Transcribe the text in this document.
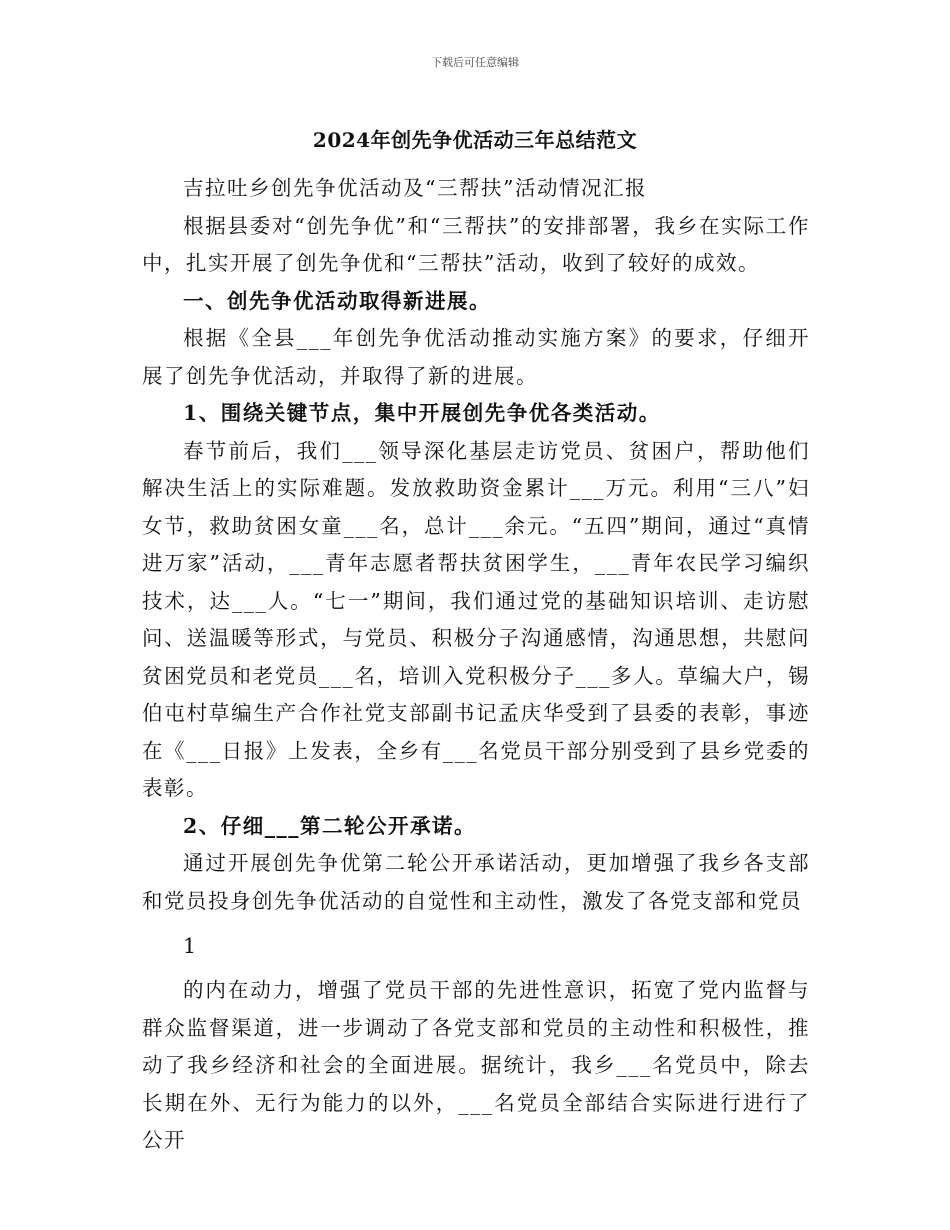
下载后可任意编辑
2024年创先争优活动三年总结范文

吉拉吐乡创先争优活动及“三帮扶”活动情况汇报

根据县委对“创先争优”和“三帮扶”的安排部署，我乡在实际工作中，扎实开展了创先争优和“三帮扶”活动，收到了较好的成效。

一、创先争优活动取得新进展。

根据《全县___年创先争优活动推动实施方案》的要求，仔细开展了创先争优活动，并取得了新的进展。

1、围绕关键节点，集中开展创先争优各类活动。

春节前后，我们___领导深化基层走访党员、贫困户，帮助他们解决生活上的实际难题。发放救助资金累计___万元。利用“三八”妇女节，救助贫困女童___名，总计___余元。“五四”期间，通过“真情进万家”活动，___青年志愿者帮扶贫困学生，___青年农民学习编织技术，达___人。“七一”期间，我们通过党的基础知识培训、走访慰问、送温暖等形式，与党员、积极分子沟通感情，沟通思想，共慰问贫困党员和老党员___名，培训入党积极分子___多人。草编大户，锡伯屯村草编生产合作社党支部副书记孟庆华受到了县委的表彰，事迹在《___日报》上发表，全乡有___名党员干部分别受到了县乡党委的表彰。

2、仔细___第二轮公开承诺。

通过开展创先争优第二轮公开承诺活动，更加增强了我乡各支部和党员投身创先争优活动的自觉性和主动性，激发了各党支部和党员

1

的内在动力，增强了党员干部的先进性意识，拓宽了党内监督与群众监督渠道，进一步调动了各党支部和党员的主动性和积极性，推动了我乡经济和社会的全面进展。据统计，我乡___名党员中，除去长期在外、无行为能力的以外，___名党员全部结合实际进行进行了公开
